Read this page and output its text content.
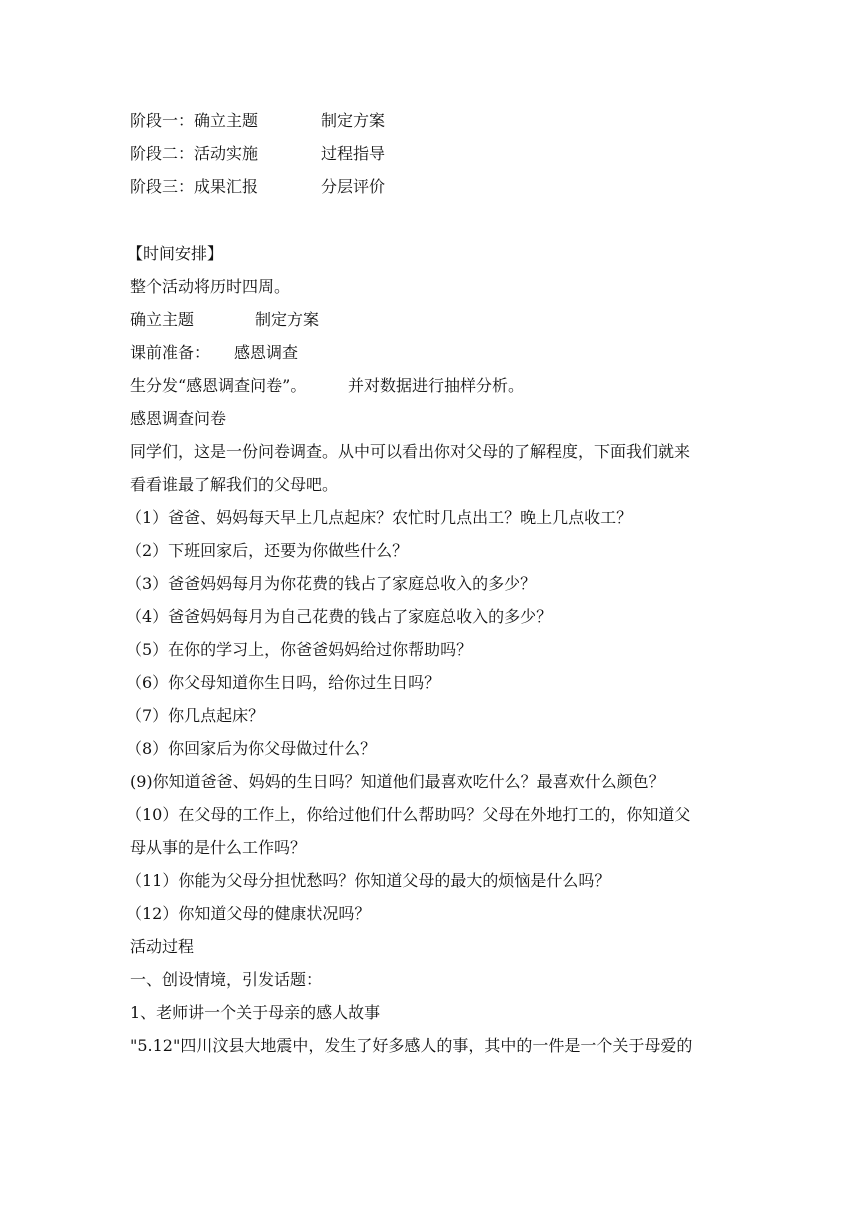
阶段一：确立主题	制定方案
阶段二：活动实施	过程指导
阶段三：成果汇报	分层评价
【时间安排】
整个活动将历时四周。
确立主题	制定方案
课前准备： 感恩调查
生分发“感恩调查问卷”。	并对数据进行抽样分析。
感恩调查问卷
同学们，这是一份问卷调查。从中可以看出你对父母的了解程度，下面我们就来
看看谁最了解我们的父母吧。
（1）爸爸、妈妈每天早上几点起床？农忙时几点出工？晚上几点收工？
（2）下班回家后，还要为你做些什么？
（3）爸爸妈妈每月为你花费的钱占了家庭总收入的多少？
（4）爸爸妈妈每月为自己花费的钱占了家庭总收入的多少？
（5）在你的学习上，你爸爸妈妈给过你帮助吗？
（6）你父母知道你生日吗，给你过生日吗？
（7）你几点起床？
（8）你回家后为你父母做过什么？
(9)你知道爸爸、妈妈的生日吗？知道他们最喜欢吃什么？最喜欢什么颜色？
（10）在父母的工作上，你给过他们什么帮助吗？父母在外地打工的，你知道父
母从事的是什么工作吗？
（11）你能为父母分担忧愁吗？你知道父母的最大的烦恼是什么吗？
（12）你知道父母的健康状况吗？
活动过程
一、创设情境，引发话题：
1、老师讲一个关于母亲的感人故事
"5.12"四川汶县大地震中，发生了好多感人的事，其中的一件是一个关于母爱的
